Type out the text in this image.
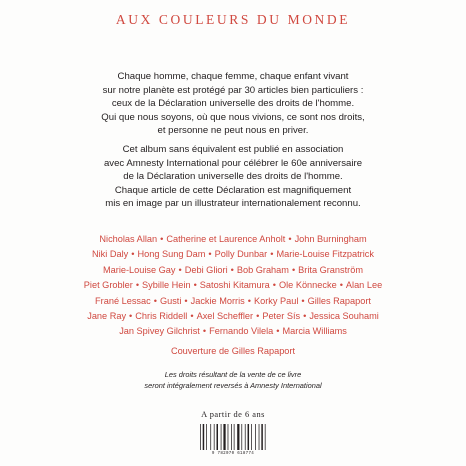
AUX COULEURS DU MONDE
Chaque homme, chaque femme, chaque enfant vivant
sur notre planète est protégé par 30 articles bien particuliers :
ceux de la Déclaration universelle des droits de l'homme.
Qui que nous soyons, où que nous vivions, ce sont nos droits,
et personne ne peut nous en priver.
Cet album sans équivalent est publié en association
avec Amnesty International pour célébrer le 60e anniversaire
de la Déclaration universelle des droits de l'homme.
Chaque article de cette Déclaration est magnifiquement
mis en image par un illustrateur internationalement reconnu.
Nicholas Allan • Catherine et Laurence Anholt • John Burningham
Niki Daly • Hong Sung Dam • Polly Dunbar • Marie-Louise Fitzpatrick
Marie-Louise Gay • Debi Gliori • Bob Graham • Brita Granström
Piet Grobler • Sybille Hein • Satoshi Kitamura • Ole Könnecke • Alan Lee
Frané Lessac • Gusti • Jackie Morris • Korky Paul • Gilles Rapaport
Jane Ray • Chris Riddell • Axel Scheffler • Peter Sís • Jessica Souhami
Jan Spivey Gilchrist • Fernando Vilela • Marcia Williams
Couverture de Gilles Rapaport
Les droits résultant de la vente de ce livre
seront intégralement reversés à Amnesty International
A partir de 6 ans
9 782070 618774
